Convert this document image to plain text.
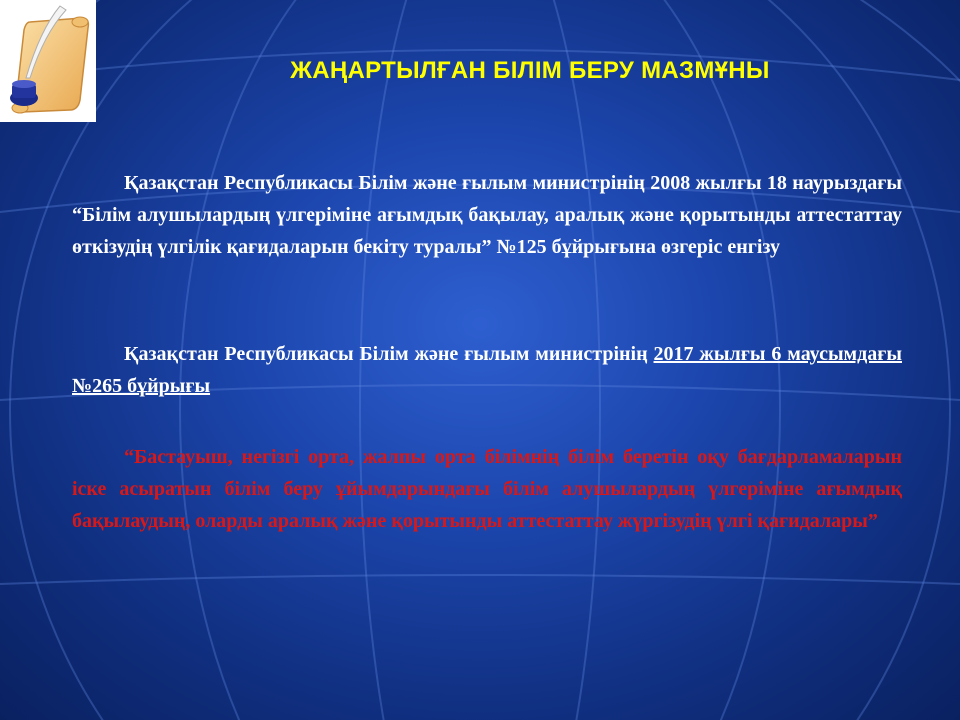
ЖАҢАРТЫЛҒАН БІЛІМ БЕРУ МАЗМҰНЫ
Қазақстан Республикасы Білім және ғылым министрінің 2008 жылғы 18 наурыздағы “Білім алушылардың үлгеріміне ағымдық бақылау, аралық және қорытынды аттестаттау өткізудің үлгілік қағидаларын бекіту туралы” №125 бұйрығына өзгеріс енгізу
Қазақстан Республикасы Білім және ғылым министрінің 2017 жылғы 6 маусымдағы №265 бұйрығы
“Бастауыш, негізгі орта, жалпы орта білімнің білім беретін оқу бағдарламаларын іске асыратын білім беру ұйымдарындағы білім алушылардың үлгеріміне ағымдық бақылаудың, оларды аралық және қорытынды аттестаттау жүргізудің үлгі қағидалары”
